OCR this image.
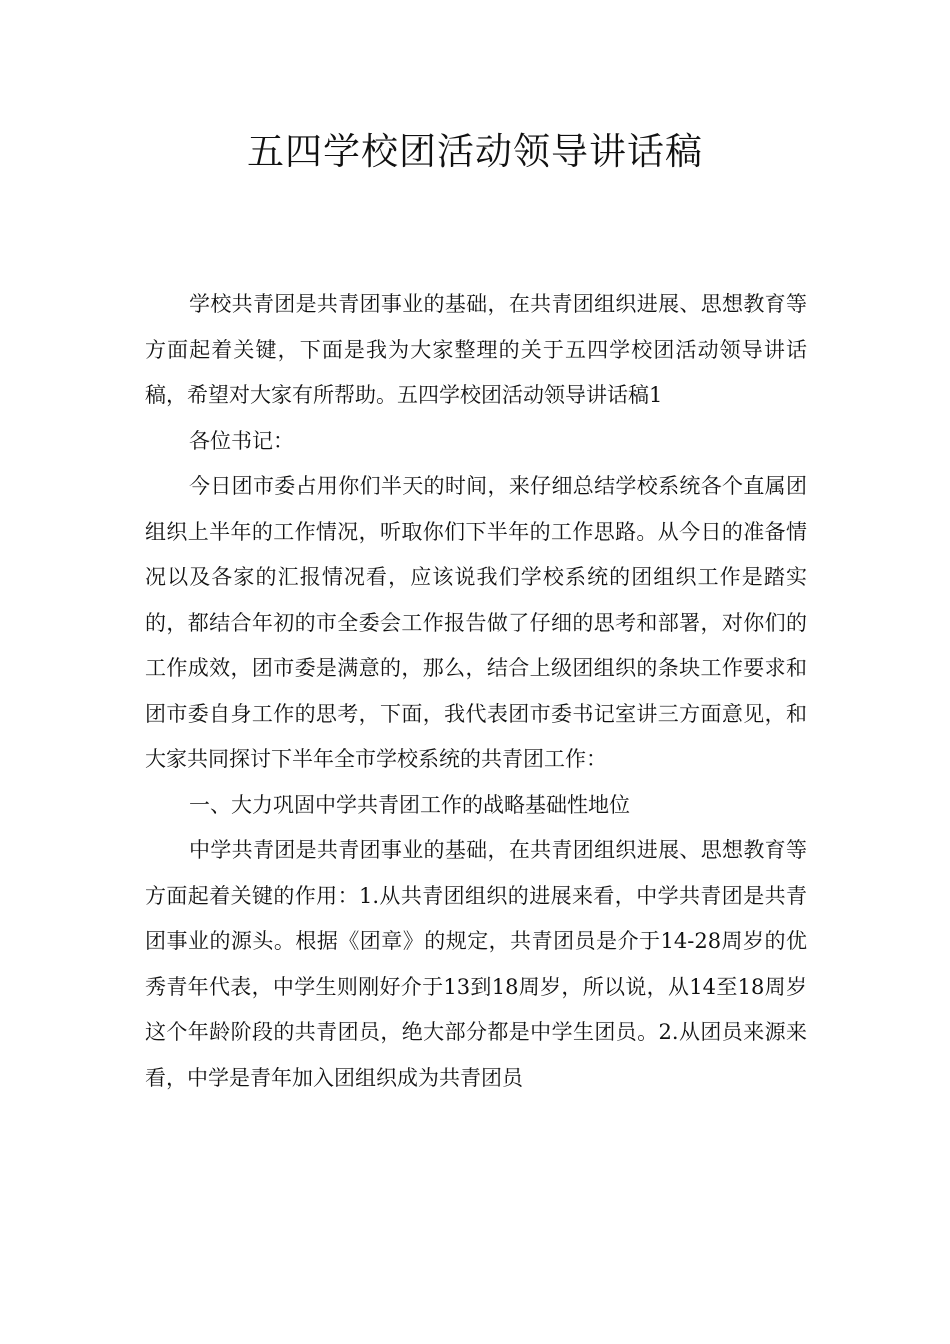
五四学校团活动领导讲话稿

学校共青团是共青团事业的基础，在共青团组织进展、思想教育等方面起着关键，下面是我为大家整理的关于五四学校团活动领导讲话稿，希望对大家有所帮助。五四学校团活动领导讲话稿1

各位书记：

今日团市委占用你们半天的时间，来仔细总结学校系统各个直属团组织上半年的工作情况，听取你们下半年的工作思路。从今日的准备情况以及各家的汇报情况看，应该说我们学校系统的团组织工作是踏实的，都结合年初的市全委会工作报告做了仔细的思考和部署，对你们的工作成效，团市委是满意的，那么，结合上级团组织的条块工作要求和团市委自身工作的思考，下面，我代表团市委书记室讲三方面意见，和大家共同探讨下半年全市学校系统的共青团工作：

一、大力巩固中学共青团工作的战略基础性地位

中学共青团是共青团事业的基础，在共青团组织进展、思想教育等方面起着关键的作用：1.从共青团组织的进展来看，中学共青团是共青团事业的源头。根据《团章》的规定，共青团员是介于14-28周岁的优秀青年代表，中学生则刚好介于13到18周岁，所以说，从14至18周岁这个年龄阶段的共青团员，绝大部分都是中学生团员。2.从团员来源来看，中学是青年加入团组织成为共青团员
